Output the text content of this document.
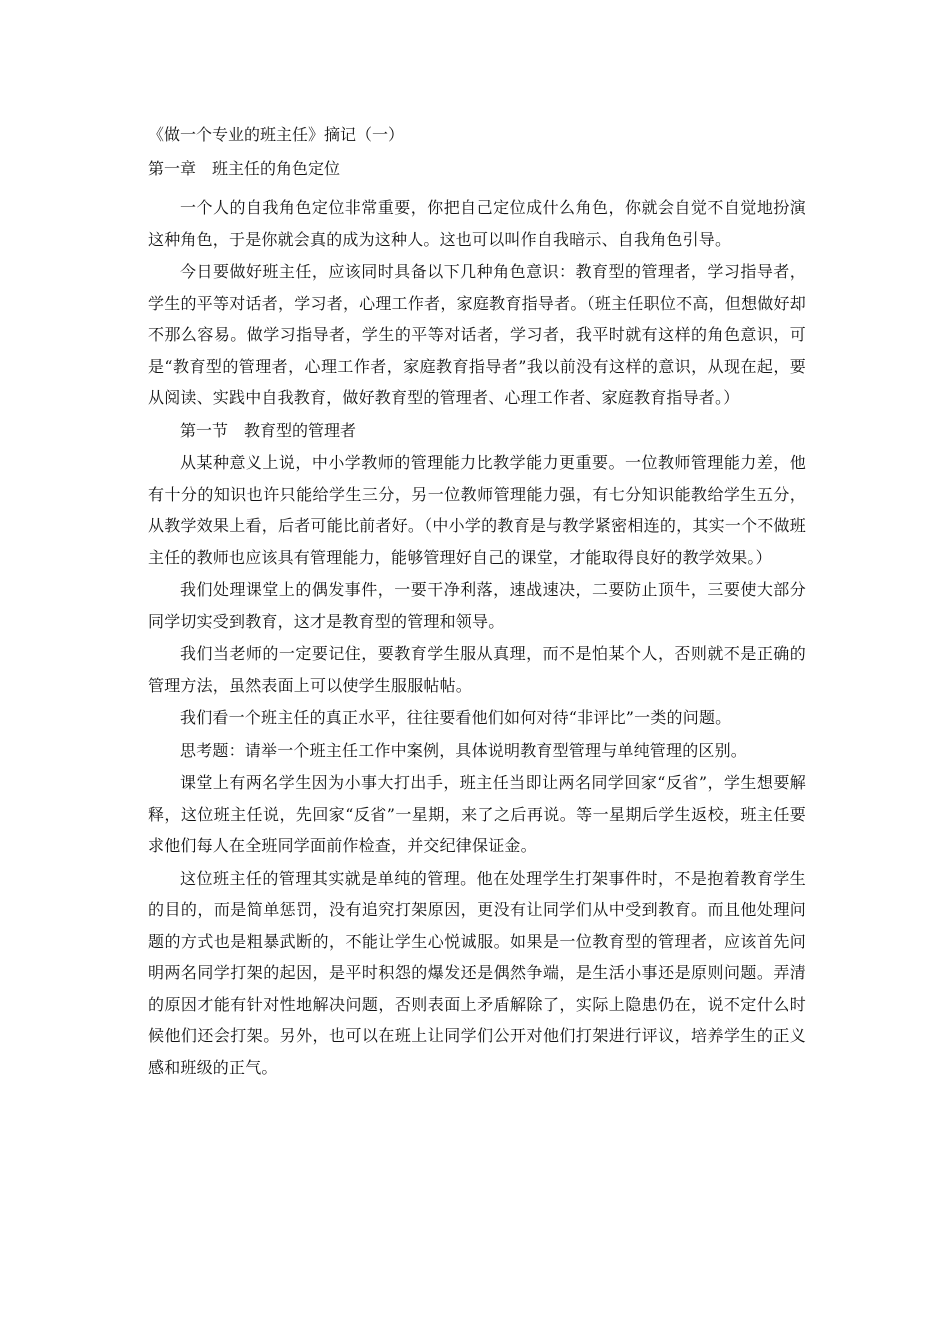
《做一个专业的班主任》摘记（一）
第一章　班主任的角色定位

一个人的自我角色定位非常重要，你把自己定位成什么角色，你就会自觉不自觉地扮演这种角色，于是你就会真的成为这种人。这也可以叫作自我暗示、自我角色引导。

今日要做好班主任，应该同时具备以下几种角色意识：教育型的管理者，学习指导者，学生的平等对话者，学习者，心理工作者，家庭教育指导者。（班主任职位不高，但想做好却不那么容易。做学习指导者，学生的平等对话者，学习者，我平时就有这样的角色意识，可是“教育型的管理者，心理工作者，家庭教育指导者”我以前没有这样的意识，从现在起，要从阅读、实践中自我教育，做好教育型的管理者、心理工作者、家庭教育指导者。）

第一节　教育型的管理者

从某种意义上说，中小学教师的管理能力比教学能力更重要。一位教师管理能力差，他有十分的知识也许只能给学生三分，另一位教师管理能力强，有七分知识能教给学生五分，从教学效果上看，后者可能比前者好。（中小学的教育是与教学紧密相连的，其实一个不做班主任的教师也应该具有管理能力，能够管理好自己的课堂，才能取得良好的教学效果。）

我们处理课堂上的偶发事件，一要干净利落，速战速决，二要防止顶牛，三要使大部分同学切实受到教育，这才是教育型的管理和领导。

我们当老师的一定要记住，要教育学生服从真理，而不是怕某个人，否则就不是正确的管理方法，虽然表面上可以使学生服服帖帖。

我们看一个班主任的真正水平，往往要看他们如何对待“非评比”一类的问题。

思考题：请举一个班主任工作中案例，具体说明教育型管理与单纯管理的区别。

课堂上有两名学生因为小事大打出手，班主任当即让两名同学回家“反省”，学生想要解释，这位班主任说，先回家“反省”一星期，来了之后再说。等一星期后学生返校，班主任要求他们每人在全班同学面前作检查，并交纪律保证金。

这位班主任的管理其实就是单纯的管理。他在处理学生打架事件时，不是抱着教育学生的目的，而是简单惩罚，没有追究打架原因，更没有让同学们从中受到教育。而且他处理问题的方式也是粗暴武断的，不能让学生心悦诚服。如果是一位教育型的管理者，应该首先问明两名同学打架的起因，是平时积怨的爆发还是偶然争端，是生活小事还是原则问题。弄清的原因才能有针对性地解决问题，否则表面上矛盾解除了，实际上隐患仍在，说不定什么时候他们还会打架。另外，也可以在班上让同学们公开对他们打架进行评议，培养学生的正义感和班级的正气。
